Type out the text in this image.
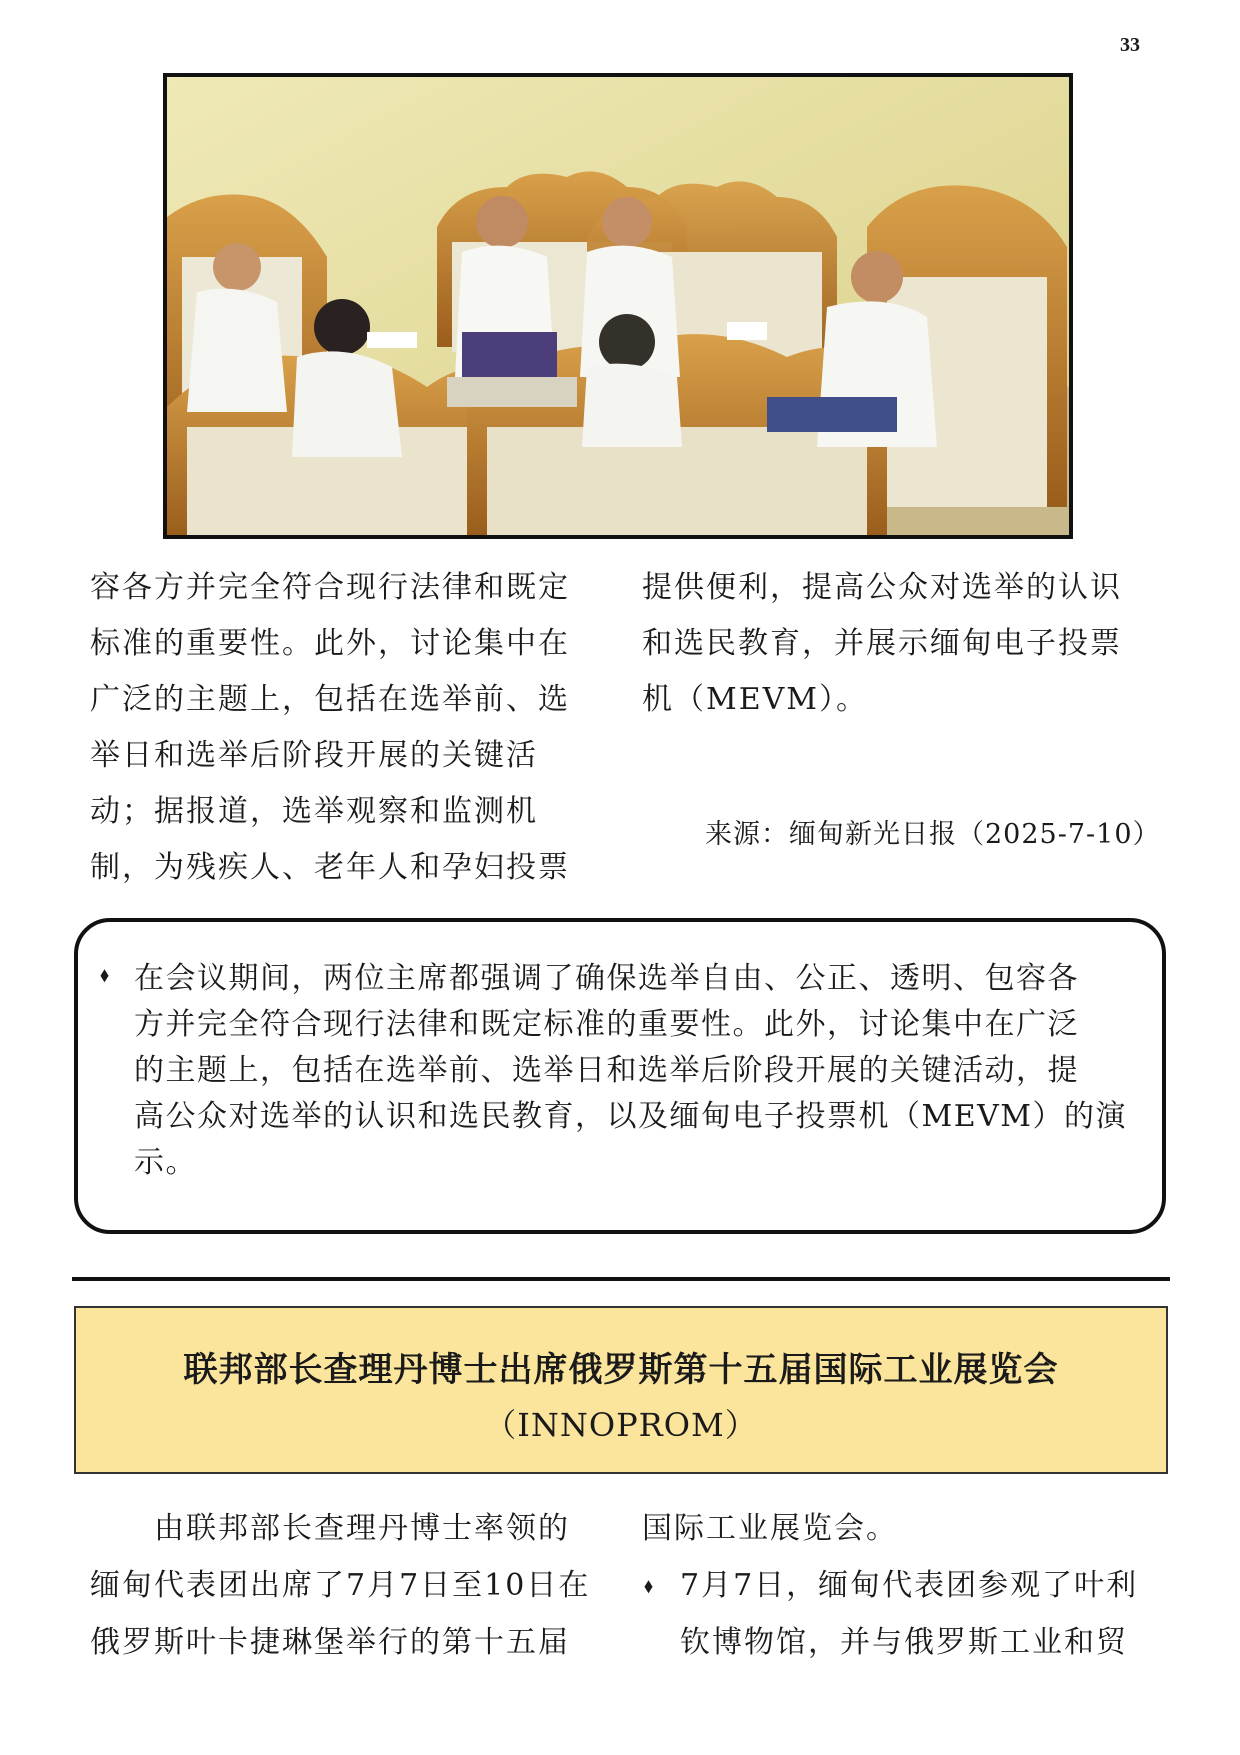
33

容各方并完全符合现行法律和既定

标准的重要性。此外，讨论集中在

广泛的主题上，包括在选举前、选

举日和选举后阶段开展的关键活

动；据报道，选举观察和监测机

制，为残疾人、老年人和孕妇投票

提供便利，提高公众对选举的认识

和选民教育，并展示缅甸电子投票

机（MEVM）。

来源：缅甸新光日报（2025-7-10）
⬧ 在会议期间，两位主席都强调了确保选举自由、公正、透明、包容各

方并完全符合现行法律和既定标准的重要性。此外，讨论集中在广泛

的主题上，包括在选举前、选举日和选举后阶段开展的关键活动，提

高公众对选举的认识和选民教育，以及缅甸电子投票机（MEVM）的演

示。

联邦部长查理丹博士出席俄罗斯第十五届国际工业展览会
（INNOPROM）

　　由联邦部长查理丹博士率领的

缅甸代表团出席了7月7日至10日在

俄罗斯叶卡捷琳堡举行的第十五届

国际工业展览会。

⬧ 7月7日，缅甸代表团参观了叶利

钦博物馆，并与俄罗斯工业和贸
